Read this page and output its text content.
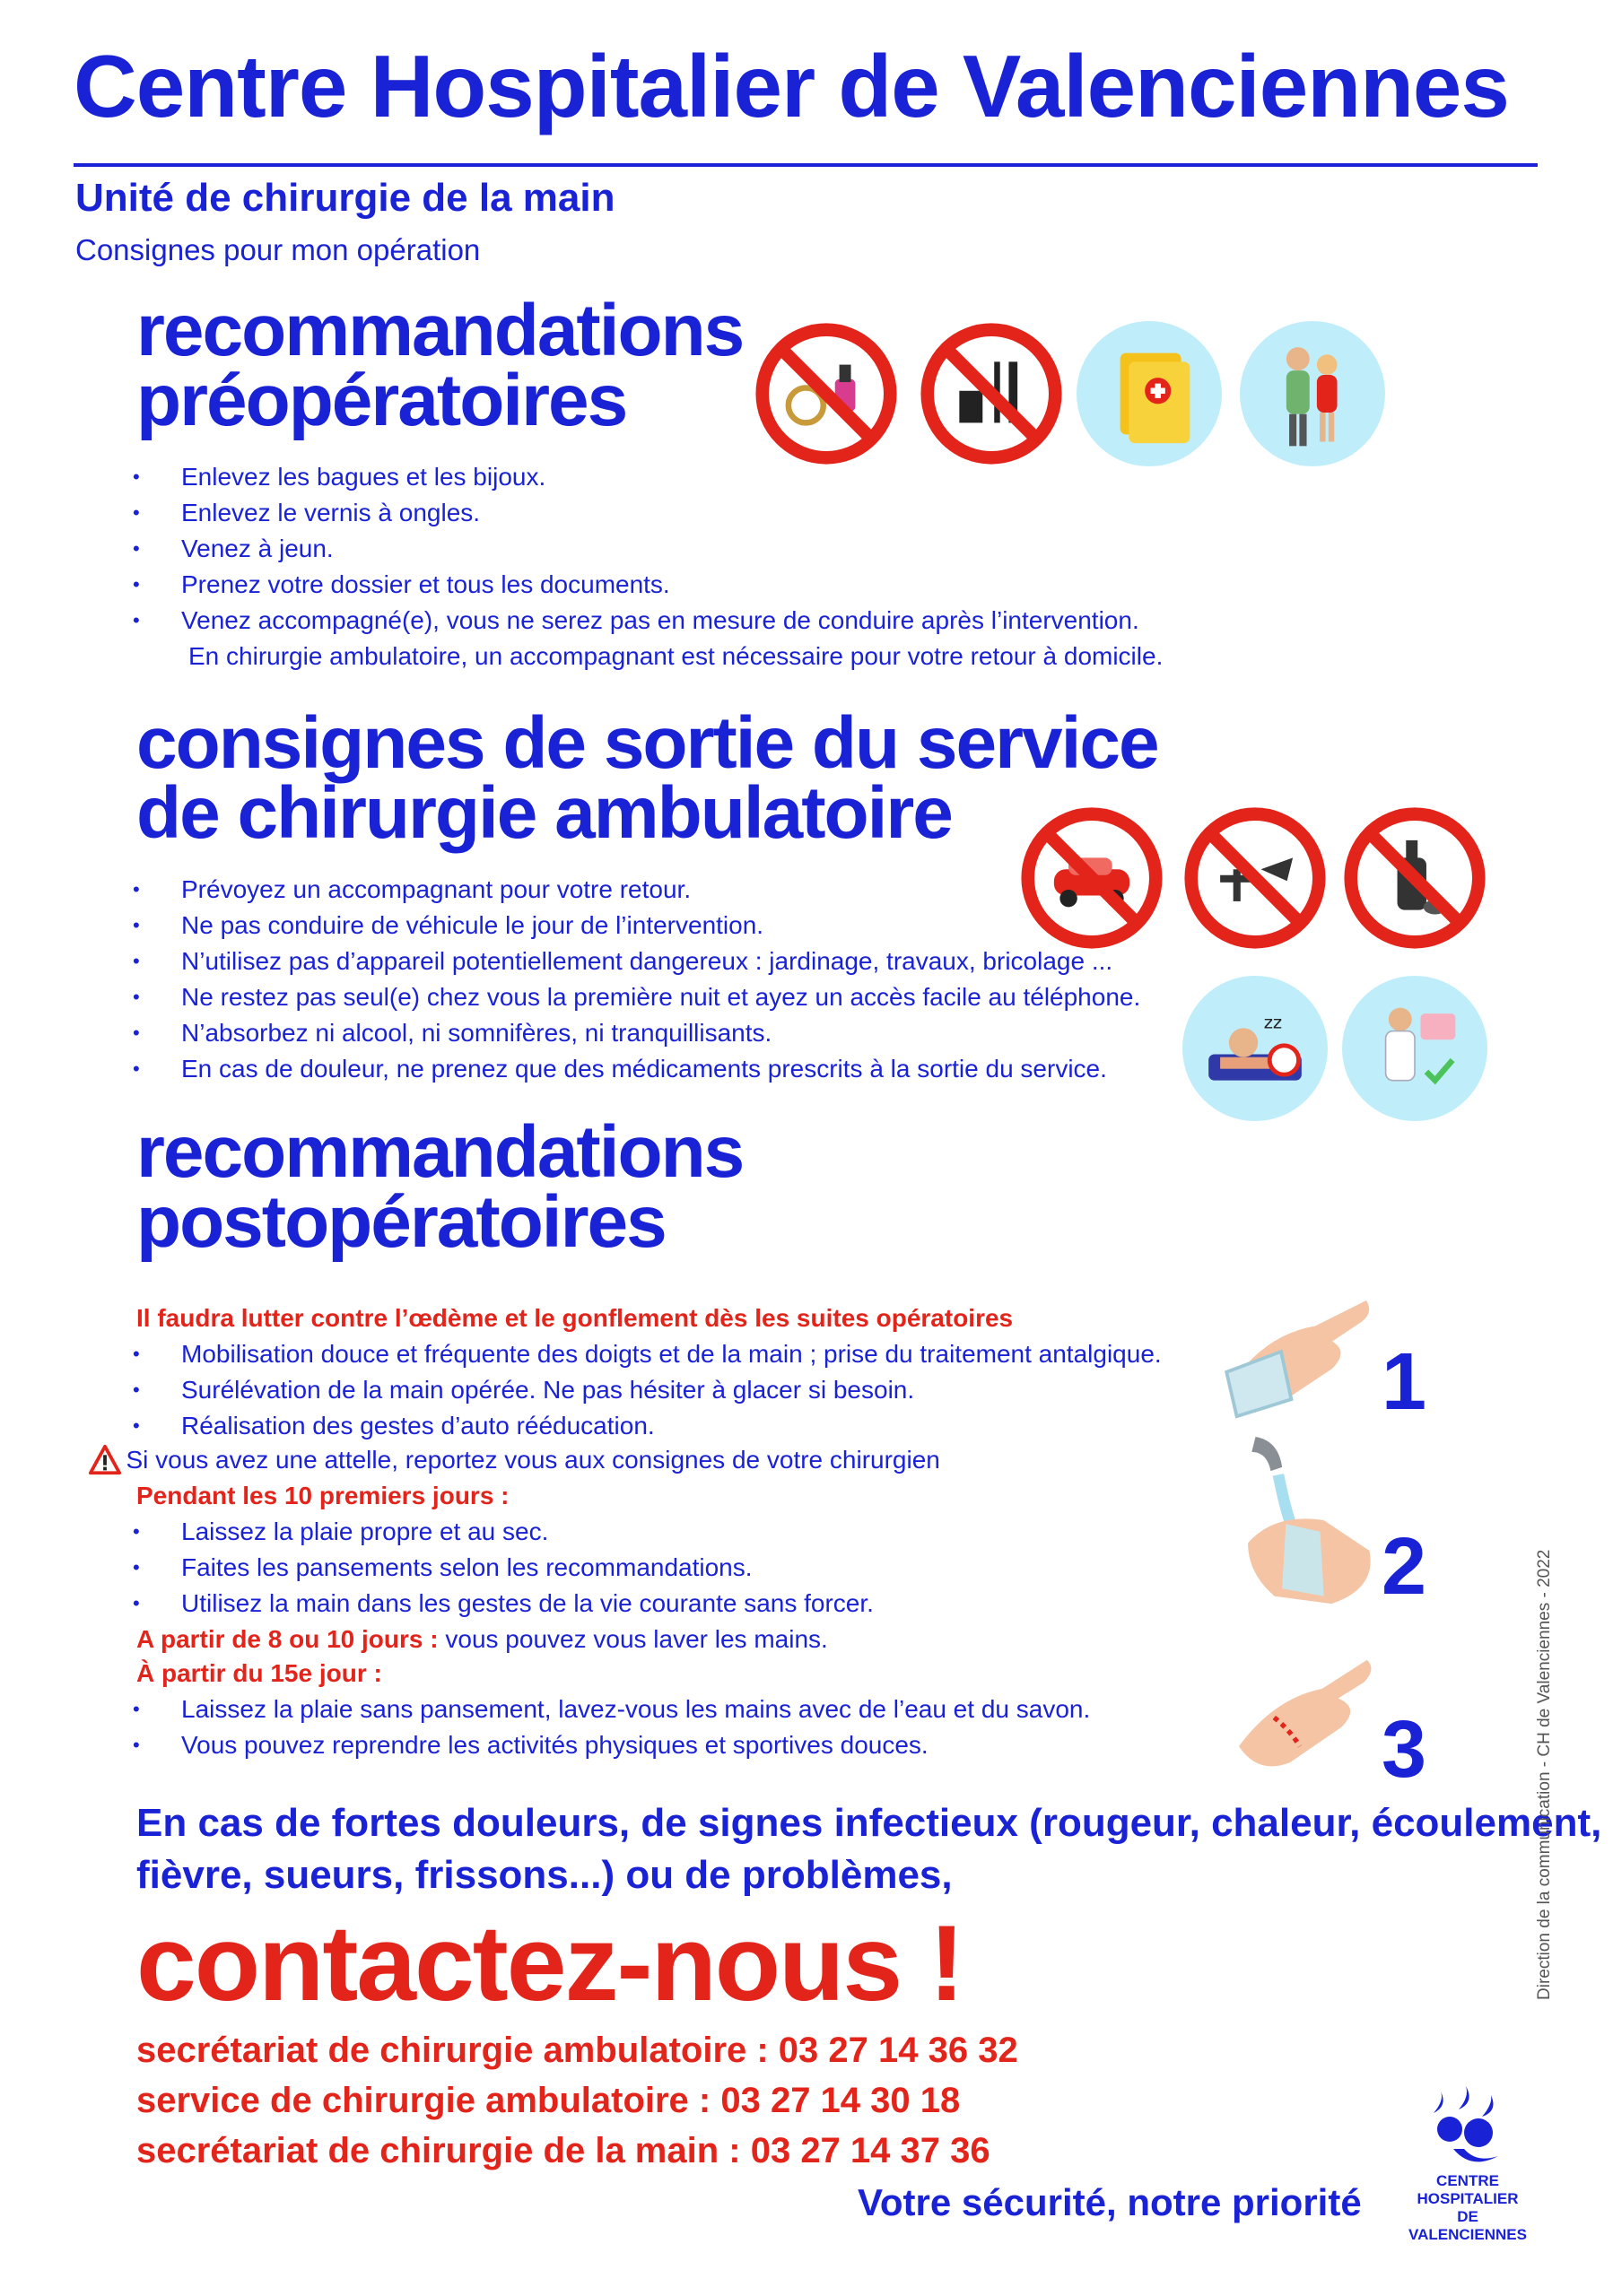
Centre Hospitalier de Valenciennes
Unité de chirurgie de la main
Consignes pour mon opération
recommandations
préopératoires
• Enlevez les bagues et les bijoux.
• Enlevez le vernis à ongles.
• Venez à jeun.
• Prenez votre dossier et tous les documents.
• Venez accompagné(e), vous ne serez pas en mesure de conduire après l’intervention.
En chirurgie ambulatoire, un accompagnant est nécessaire pour votre retour à domicile.
consignes de sortie du service
de chirurgie ambulatoire
zz
• Prévoyez un accompagnant pour votre retour.
• Ne pas conduire de véhicule le jour de l’intervention.
• N’utilisez pas d’appareil potentiellement dangereux : jardinage, travaux, bricolage ...
• Ne restez pas seul(e) chez vous la première nuit et ayez un accès facile au téléphone.
• N’absorbez ni alcool, ni somnifères, ni tranquillisants.
• En cas de douleur, ne prenez que des médicaments prescrits à la sortie du service.
recommandations
postopératoires
Il faudra lutter contre l’œdème et le gonflement dès les suites opératoires
• Mobilisation douce et fréquente des doigts et de la main ; prise du traitement antalgique.
• Surélévation de la main opérée. Ne pas hésiter à glacer si besoin.
• Réalisation des gestes d’auto rééducation.
Si vous avez une attelle, reportez vous aux consignes de votre chirurgien
Pendant les 10 premiers jours :
• Laissez la plaie propre et au sec.
• Faites les pansements selon les recommandations.
• Utilisez la main dans les gestes de la vie courante sans forcer.
A partir de 8 ou 10 jours : vous pouvez vous laver les mains.
À partir du 15e jour :
• Laissez la plaie sans pansement, lavez-vous les mains avec de l’eau et du savon.
• Vous pouvez reprendre les activités physiques et sportives douces.
1
2
3
En cas de fortes douleurs, de signes infectieux (rougeur, chaleur, écoulement,
fièvre, sueurs, frissons...) ou de problèmes,
contactez-nous !
secrétariat de chirurgie ambulatoire : 03 27 14 36 32
service de chirurgie ambulatoire : 03 27 14 30 18
secrétariat de chirurgie de la main : 03 27 14 37 36
Votre sécurité, notre priorité
CENTRE HOSPITALIER
DE VALENCIENNES
Direction de la communication - CH de Valenciennes - 2022
